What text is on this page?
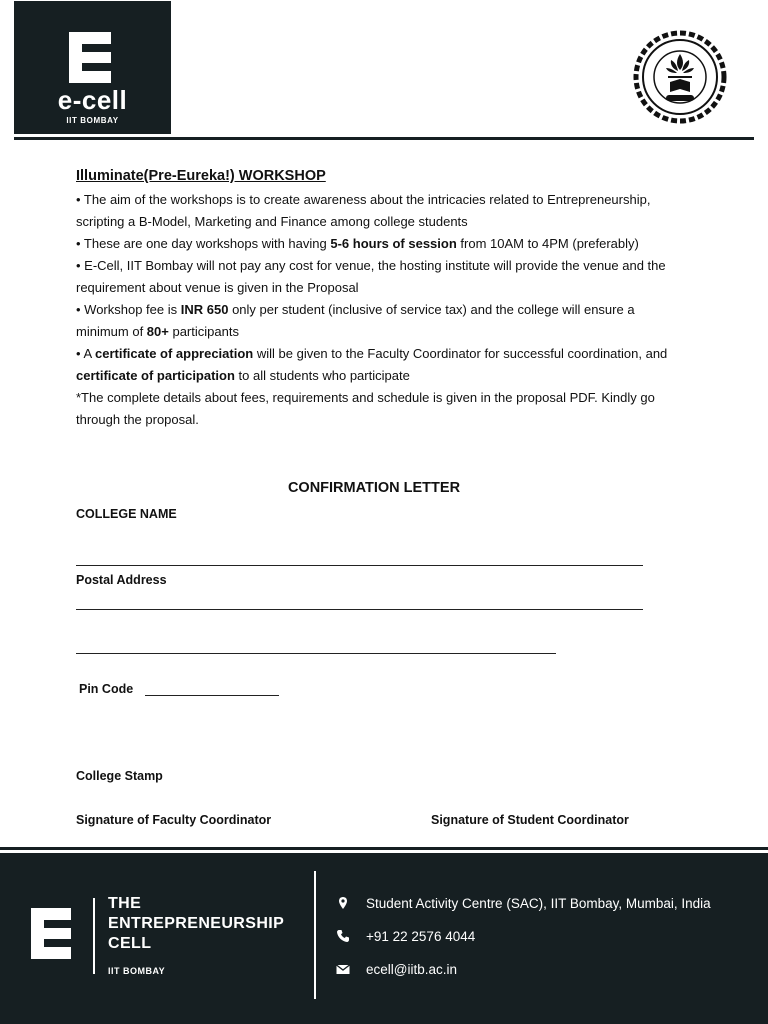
e-cell
IIT BOMBAY
Illuminate(Pre-Eureka!) WORKSHOP

• The aim of the workshops is to create awareness about the intricacies related to Entrepreneurship, scripting a B-Model, Marketing and Finance among college students

• These are one day workshops with having 5-6 hours of session from 10AM to 4PM (preferably)

• E-Cell, IIT Bombay will not pay any cost for venue, the hosting institute will provide the venue and the requirement about venue is given in the Proposal

• Workshop fee is INR 650 only per student (inclusive of service tax) and the college will ensure a minimum of 80+ participants

• A certificate of appreciation will be given to the Faculty Coordinator for successful coordination, and certificate of participation to all students who participate

*The complete details about fees, requirements and schedule is given in the proposal PDF. Kindly go through the proposal.

CONFIRMATION LETTER
COLLEGE NAME
Postal Address
Pin Code
College Stamp
Signature of Faculty Coordinator	Signature of Student Coordinator
THE
ENTREPRENEURSHIP
CELL
IIT BOMBAY
Student Activity Centre (SAC), IIT Bombay, Mumbai, India
+91 22 2576 4044
ecell@iitb.ac.in
